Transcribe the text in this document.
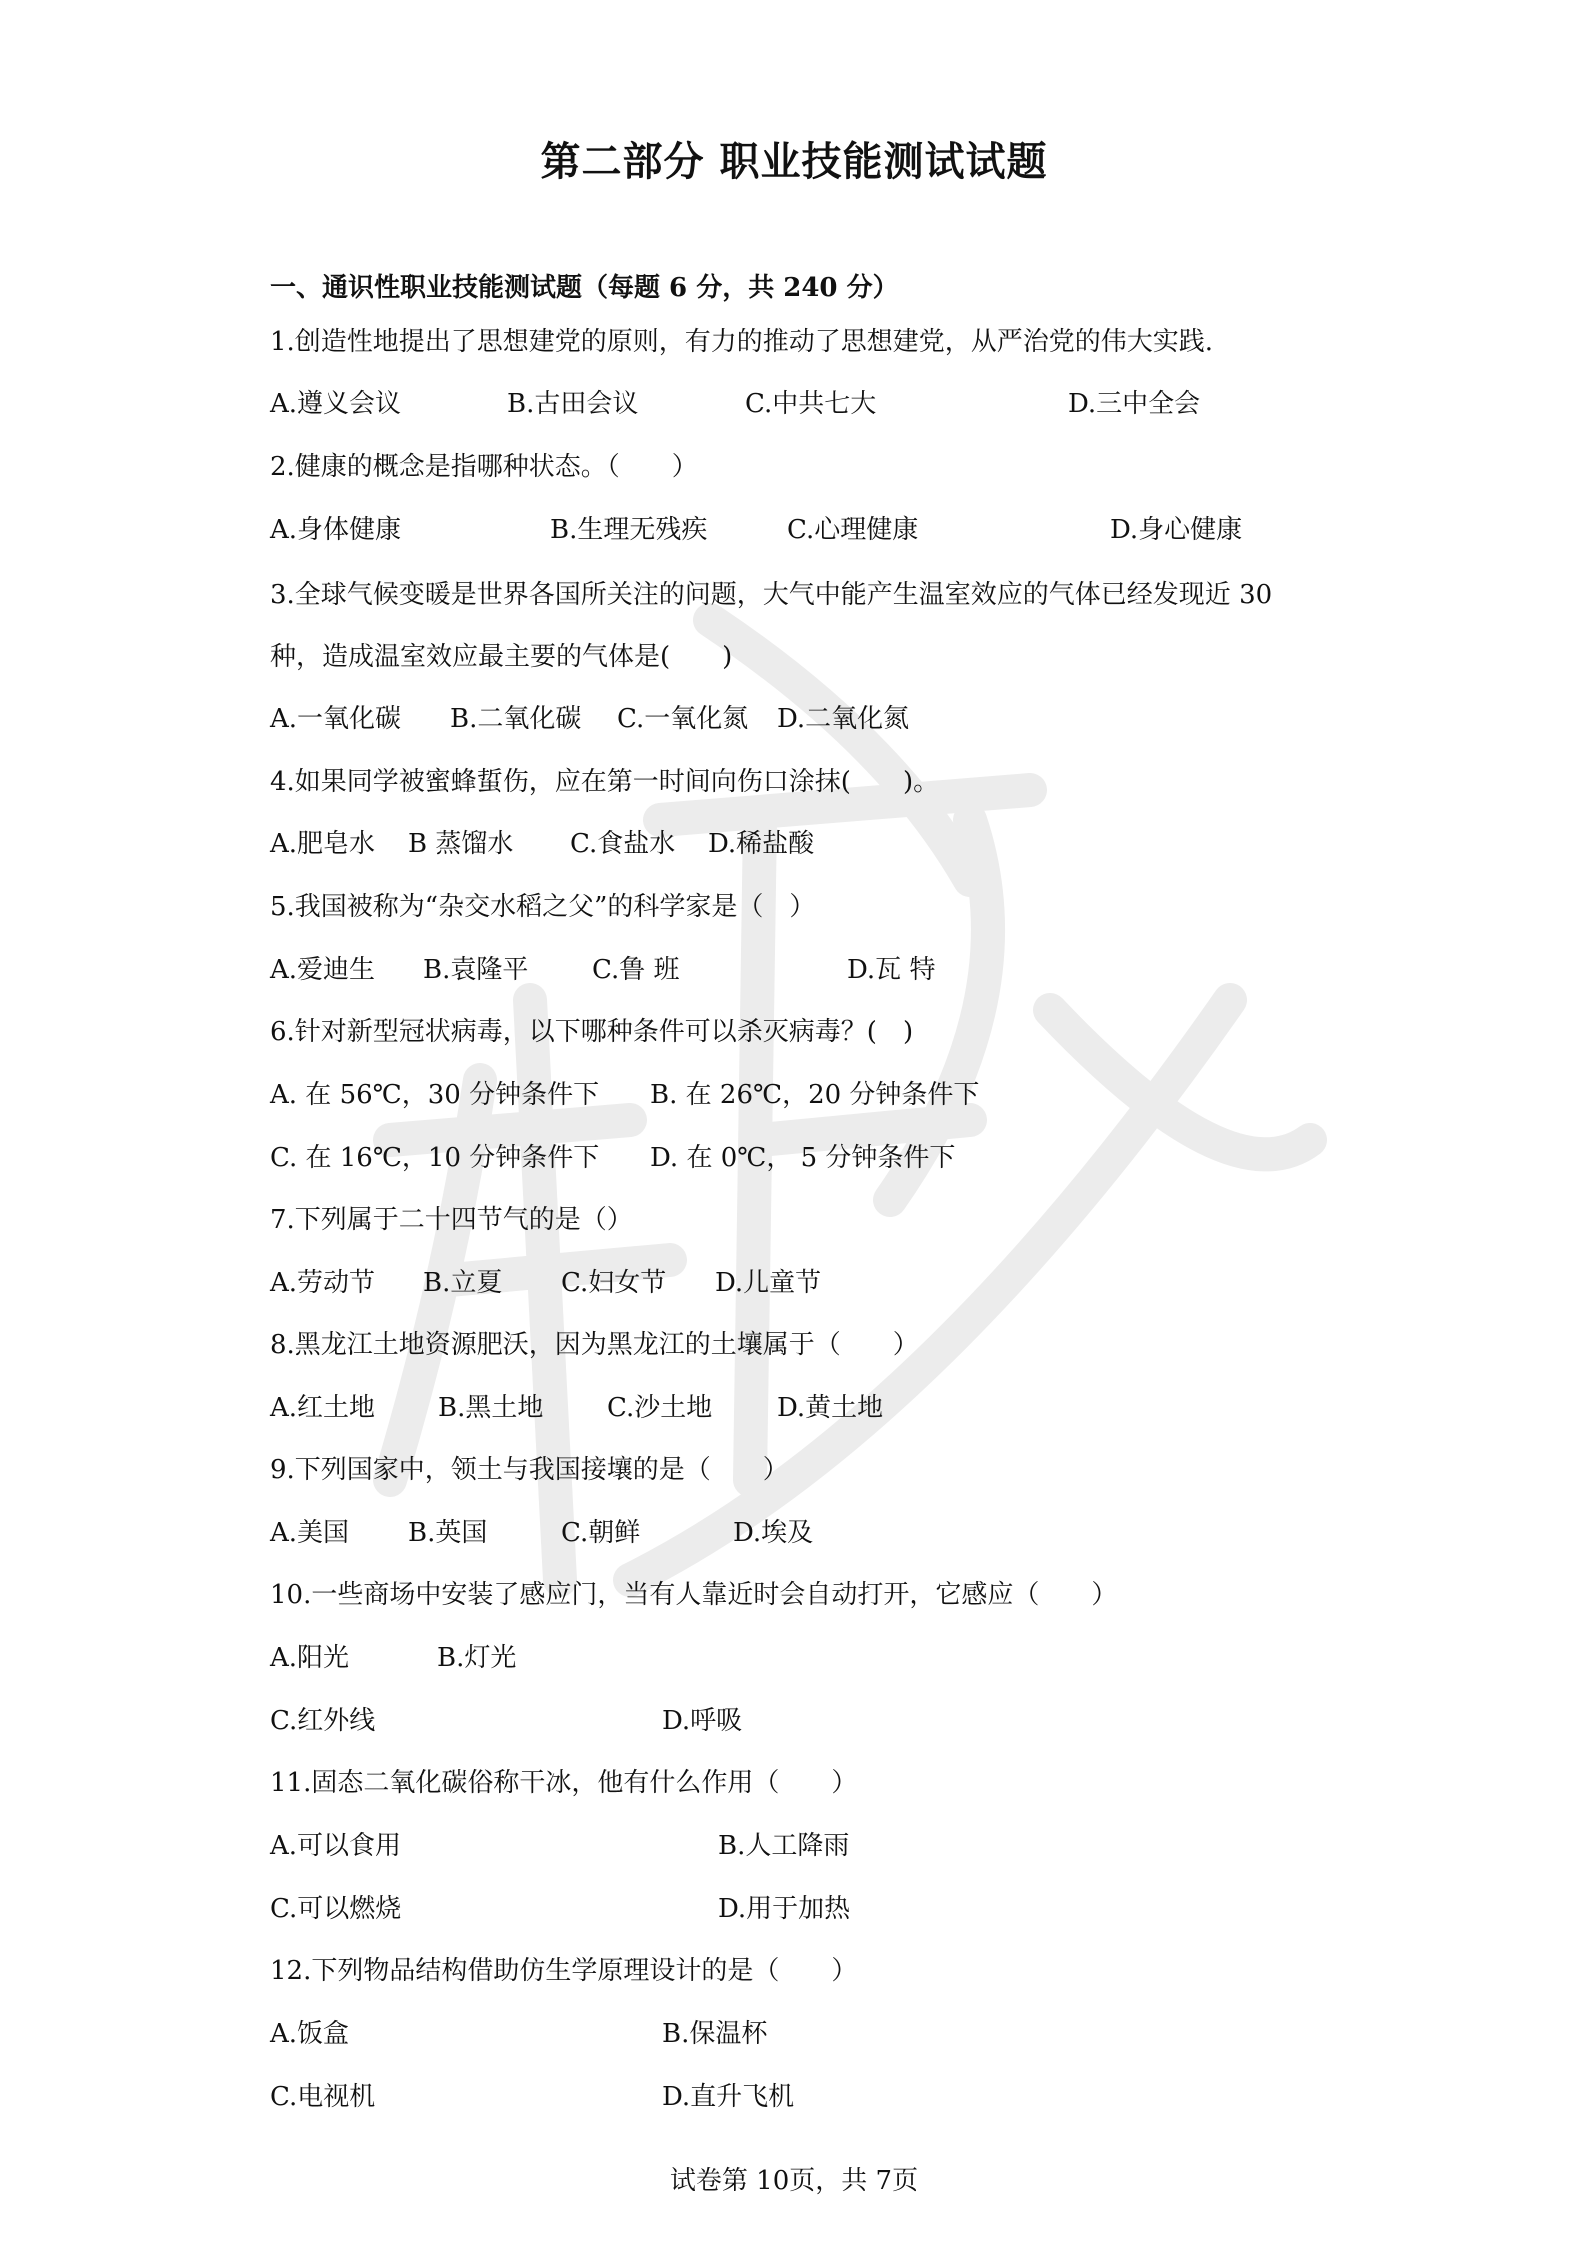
第二部分 职业技能测试试题
一、通识性职业技能测试题（每题 6 分，共 240 分）
1.创造性地提出了思想建党的原则，有力的推动了思想建党，从严治党的伟大实践.
A.遵义会议	B.古田会议	C.中共七大	D.三中全会
2.健康的概念是指哪种状态。（　　）
A.身体健康	B.生理无残疾	C.心理健康	D.身心健康
3.全球气候变暖是世界各国所关注的问题，大气中能产生温室效应的气体已经发现近 30
种，造成温室效应最主要的气体是(　　)
A.一氧化碳 B.二氧化碳 C.一氧化氮 D.二氧化氮
4.如果同学被蜜蜂蜇伤，应在第一时间向伤口涂抹(　　)。
A.肥皂水 B 蒸馏水 C.食盐水 D.稀盐酸
5.我国被称为“杂交水稻之父”的科学家是（　）
A.爱迪生 B.袁隆平 C.鲁 班	D.瓦 特
6.针对新型冠状病毒，以下哪种条件可以杀灭病毒？(　)
A. 在 56℃，30 分钟条件下 B. 在 26℃，20 分钟条件下
C. 在 16℃，10 分钟条件下 D. 在 0℃， 5 分钟条件下
7.下列属于二十四节气的是（）
A.劳动节 B.立夏 C.妇女节 D.儿童节
8.黑龙江土地资源肥沃，因为黑龙江的土壤属于（　　）
A.红土地 B.黑土地 C.沙土地 D.黄土地
9.下列国家中，领土与我国接壤的是（　　）
A.美国 B.英国	C.朝鲜	D.埃及
10.一些商场中安装了感应门，当有人靠近时会自动打开，它感应（　　）
A.阳光	B.灯光
C.红外线	D.呼吸
11.固态二氧化碳俗称干冰，他有什么作用（　　）
A.可以食用	B.人工降雨
C.可以燃烧	D.用于加热
12.下列物品结构借助仿生学原理设计的是（　　）
A.饭盒	B.保温杯
C.电视机	D.直升飞机
试卷第 10页，共 7页
